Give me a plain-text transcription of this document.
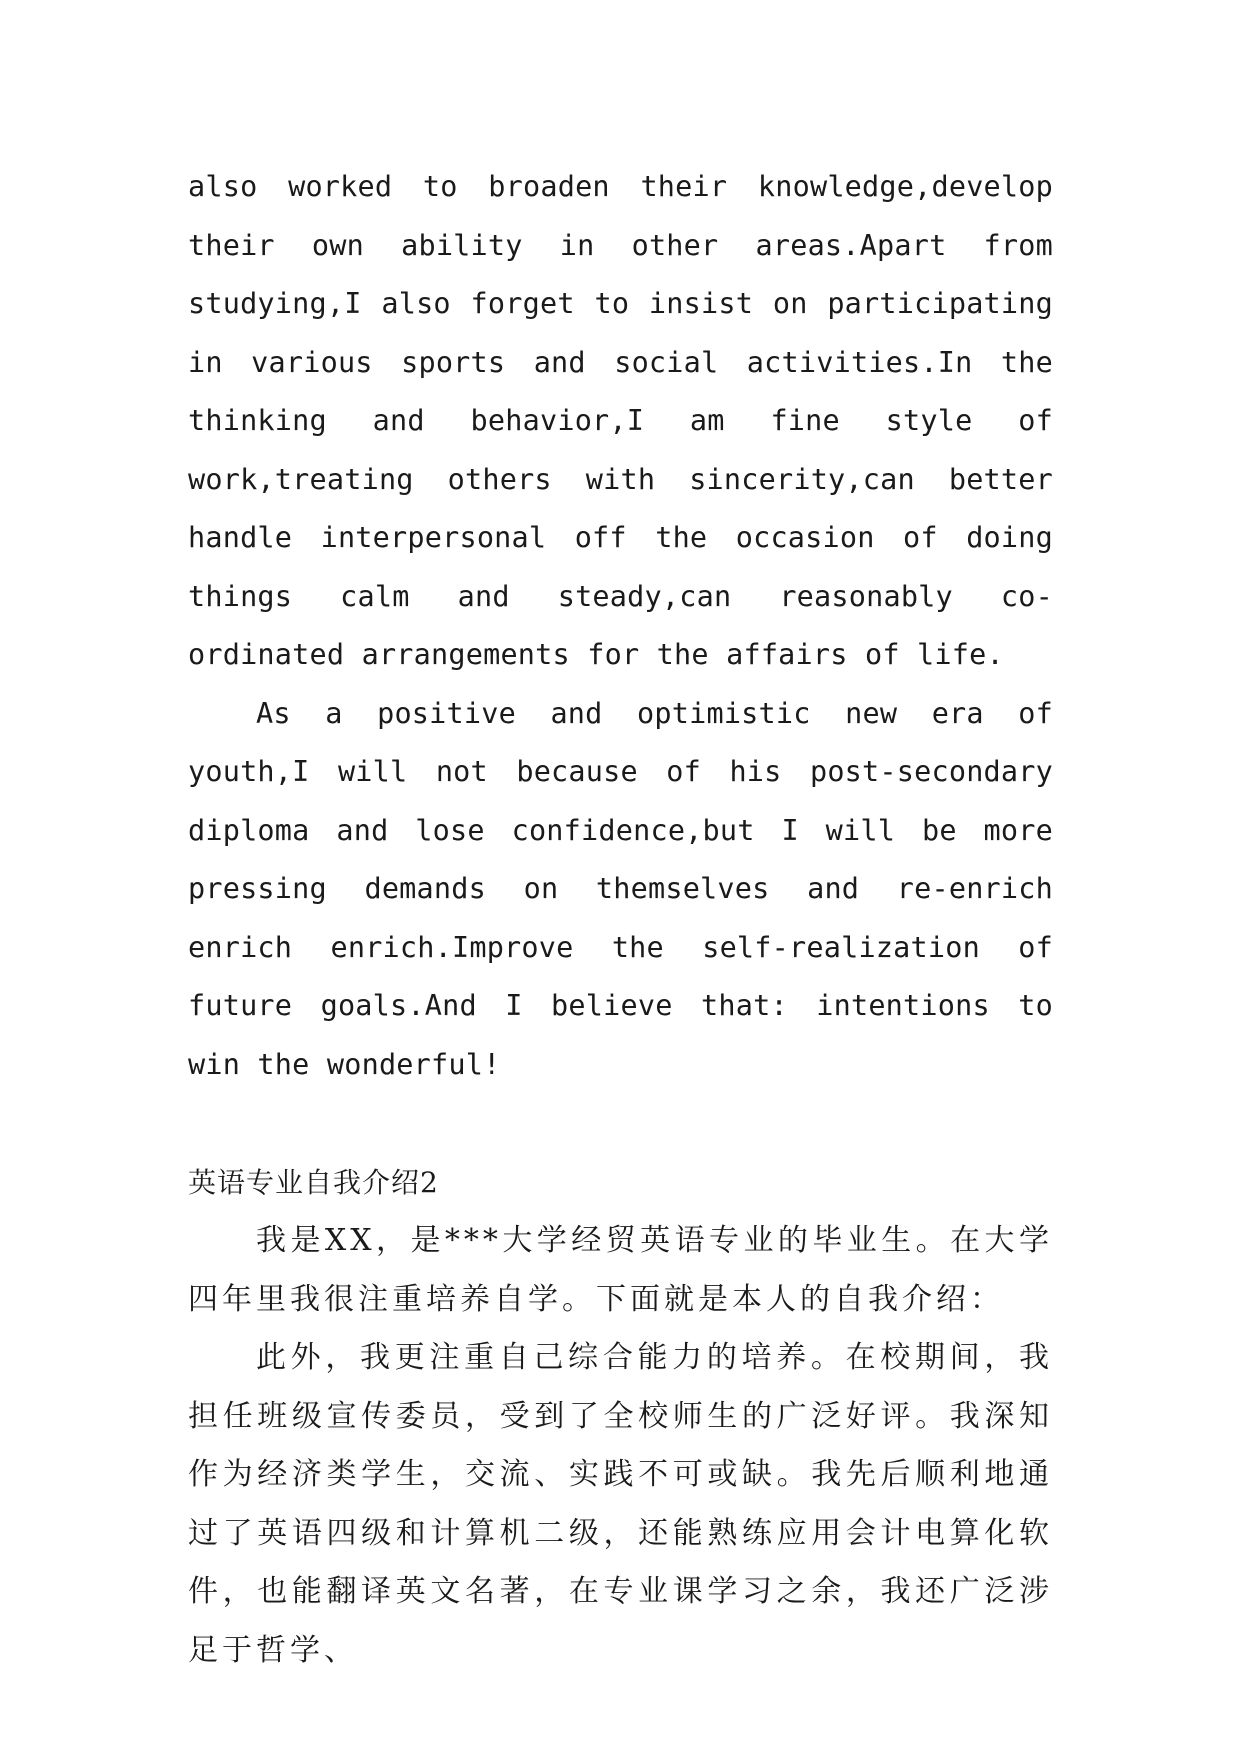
also worked to broaden their knowledge,develop their own ability in other areas.Apart from studying,I also forget to insist on participating in various sports and social activities.In the thinking and behavior,I am fine style of work,treating others with sincerity,can better handle interpersonal off the occasion of doing things calm and steady,can reasonably co-ordinated arrangements for the affairs of life.

As a positive and optimistic new era of youth,I will not because of his post-secondary diploma and lose confidence,but I will be more pressing demands on themselves and re-enrich enrich enrich.Improve the self-realization of future goals.And I believe that: intentions to win the wonderful!

英语专业自我介绍2

我是XX，是***大学经贸英语专业的毕业生。在大学四年里我很注重培养自学。下面就是本人的自我介绍：

此外，我更注重自己综合能力的培养。在校期间，我担任班级宣传委员，受到了全校师生的广泛好评。我深知作为经济类学生，交流、实践不可或缺。我先后顺利地通过了英语四级和计算机二级，还能熟练应用会计电算化软件，也能翻译英文名著，在专业课学习之余，我还广泛涉足于哲学、
